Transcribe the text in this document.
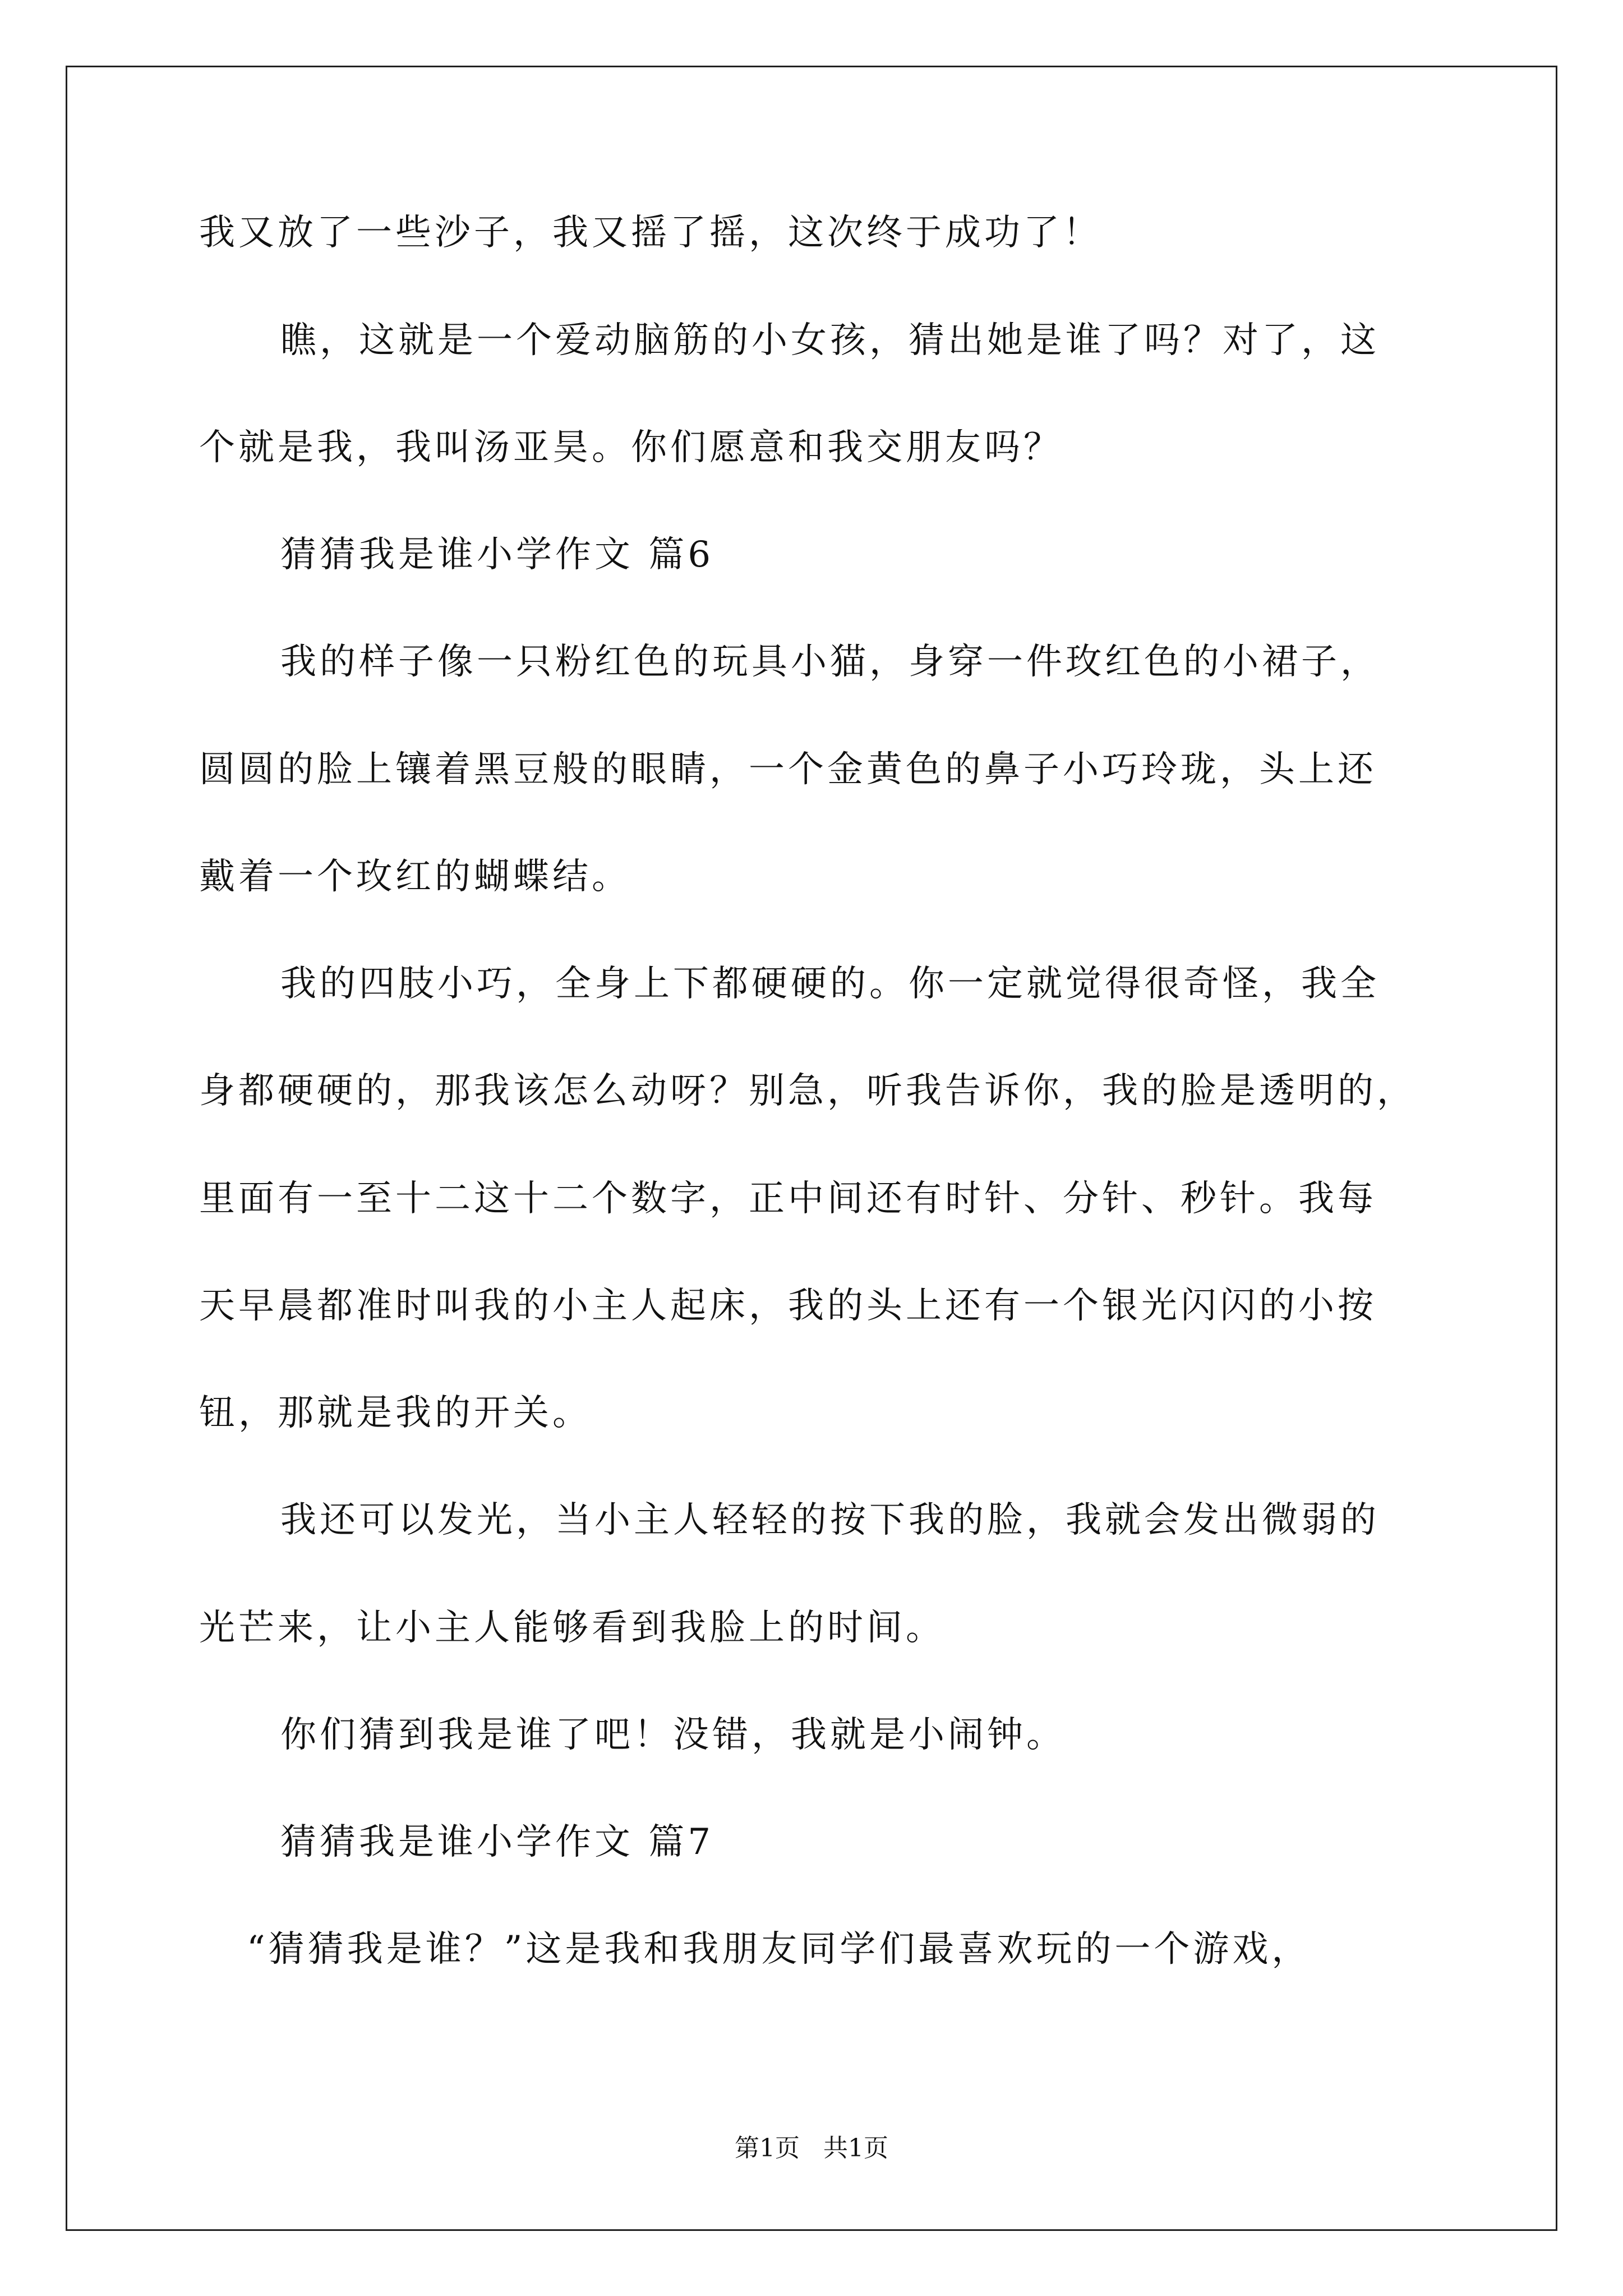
我又放了一些沙子，我又摇了摇，这次终于成功了！
瞧，这就是一个爱动脑筋的小女孩，猜出她是谁了吗？对了，这
个就是我，我叫汤亚昊。你们愿意和我交朋友吗？
猜猜我是谁小学作文 篇6
我的样子像一只粉红色的玩具小猫，身穿一件玫红色的小裙子，
圆圆的脸上镶着黑豆般的眼睛，一个金黄色的鼻子小巧玲珑，头上还
戴着一个玫红的蝴蝶结。
我的四肢小巧，全身上下都硬硬的。你一定就觉得很奇怪，我全
身都硬硬的，那我该怎么动呀？别急，听我告诉你，我的脸是透明的，
里面有一至十二这十二个数字，正中间还有时针、分针、秒针。我每
天早晨都准时叫我的小主人起床，我的头上还有一个银光闪闪的小按
钮，那就是我的开关。
我还可以发光，当小主人轻轻的按下我的脸，我就会发出微弱的
光芒来，让小主人能够看到我脸上的时间。
你们猜到我是谁了吧！没错，我就是小闹钟。
猜猜我是谁小学作文 篇7
“猜猜我是谁？”这是我和我朋友同学们最喜欢玩的一个游戏，
第1页   共1页
